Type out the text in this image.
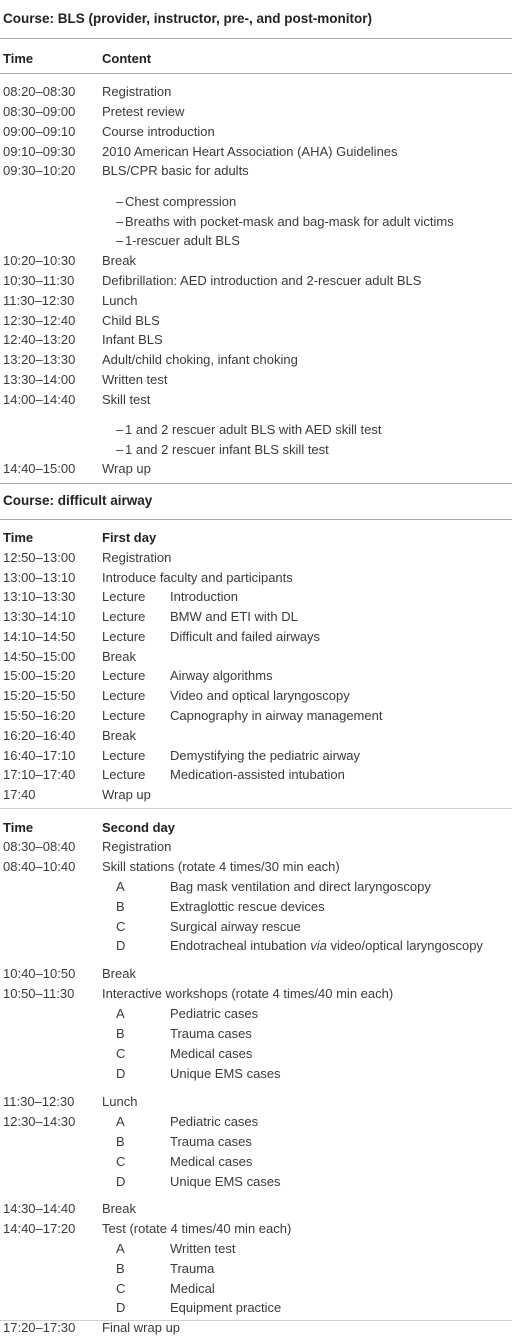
Course: BLS (provider, instructor, pre-, and post-monitor)
Time	Content
08:20–08:30 Registration
08:30–09:00 Pretest review
09:00–09:10 Course introduction
09:10–09:30 2010 American Heart Association (AHA) Guidelines
09:30–10:20 BLS/CPR basic for adults
– Chest compression
– Breaths with pocket-mask and bag-mask for adult victims
– 1-rescuer adult BLS
10:20–10:30 Break
10:30–11:30 Defibrillation: AED introduction and 2-rescuer adult BLS
11:30–12:30 Lunch
12:30–12:40 Child BLS
12:40–13:20 Infant BLS
13:20–13:30 Adult/child choking, infant choking
13:30–14:00 Written test
14:00–14:40 Skill test
– 1 and 2 rescuer adult BLS with AED skill test
– 1 and 2 rescuer infant BLS skill test
14:40–15:00 Wrap up
Course: difficult airway
Time	First day
12:50–13:00 Registration
13:00–13:10 Introduce faculty and participants
13:10–13:30 Lecture Introduction
13:30–14:10 Lecture BMW and ETI with DL
14:10–14:50 Lecture Difficult and failed airways
14:50–15:00 Break
15:00–15:20 Lecture Airway algorithms
15:20–15:50 Lecture Video and optical laryngoscopy
15:50–16:20 Lecture Capnography in airway management
16:20–16:40 Break
16:40–17:10 Lecture Demystifying the pediatric airway
17:10–17:40 Lecture Medication-assisted intubation
17:40	Wrap up
Time	Second day
08:30–08:40 Registration
08:40–10:40 Skill stations (rotate 4 times/30 min each)
A	Bag mask ventilation and direct laryngoscopy
B	Extraglottic rescue devices
C	Surgical airway rescue
D	Endotracheal intubation via video/optical laryngoscopy
10:40–10:50 Break
10:50–11:30 Interactive workshops (rotate 4 times/40 min each)
A	Pediatric cases
B	Trauma cases
C	Medical cases
D	Unique EMS cases
11:30–12:30 Lunch
12:30–14:30	A	Pediatric cases
B	Trauma cases
C	Medical cases
D	Unique EMS cases
14:30–14:40 Break
14:40–17:20 Test (rotate 4 times/40 min each)
A	Written test
B	Trauma
C	Medical
D	Equipment practice
17:20–17:30 Final wrap up
